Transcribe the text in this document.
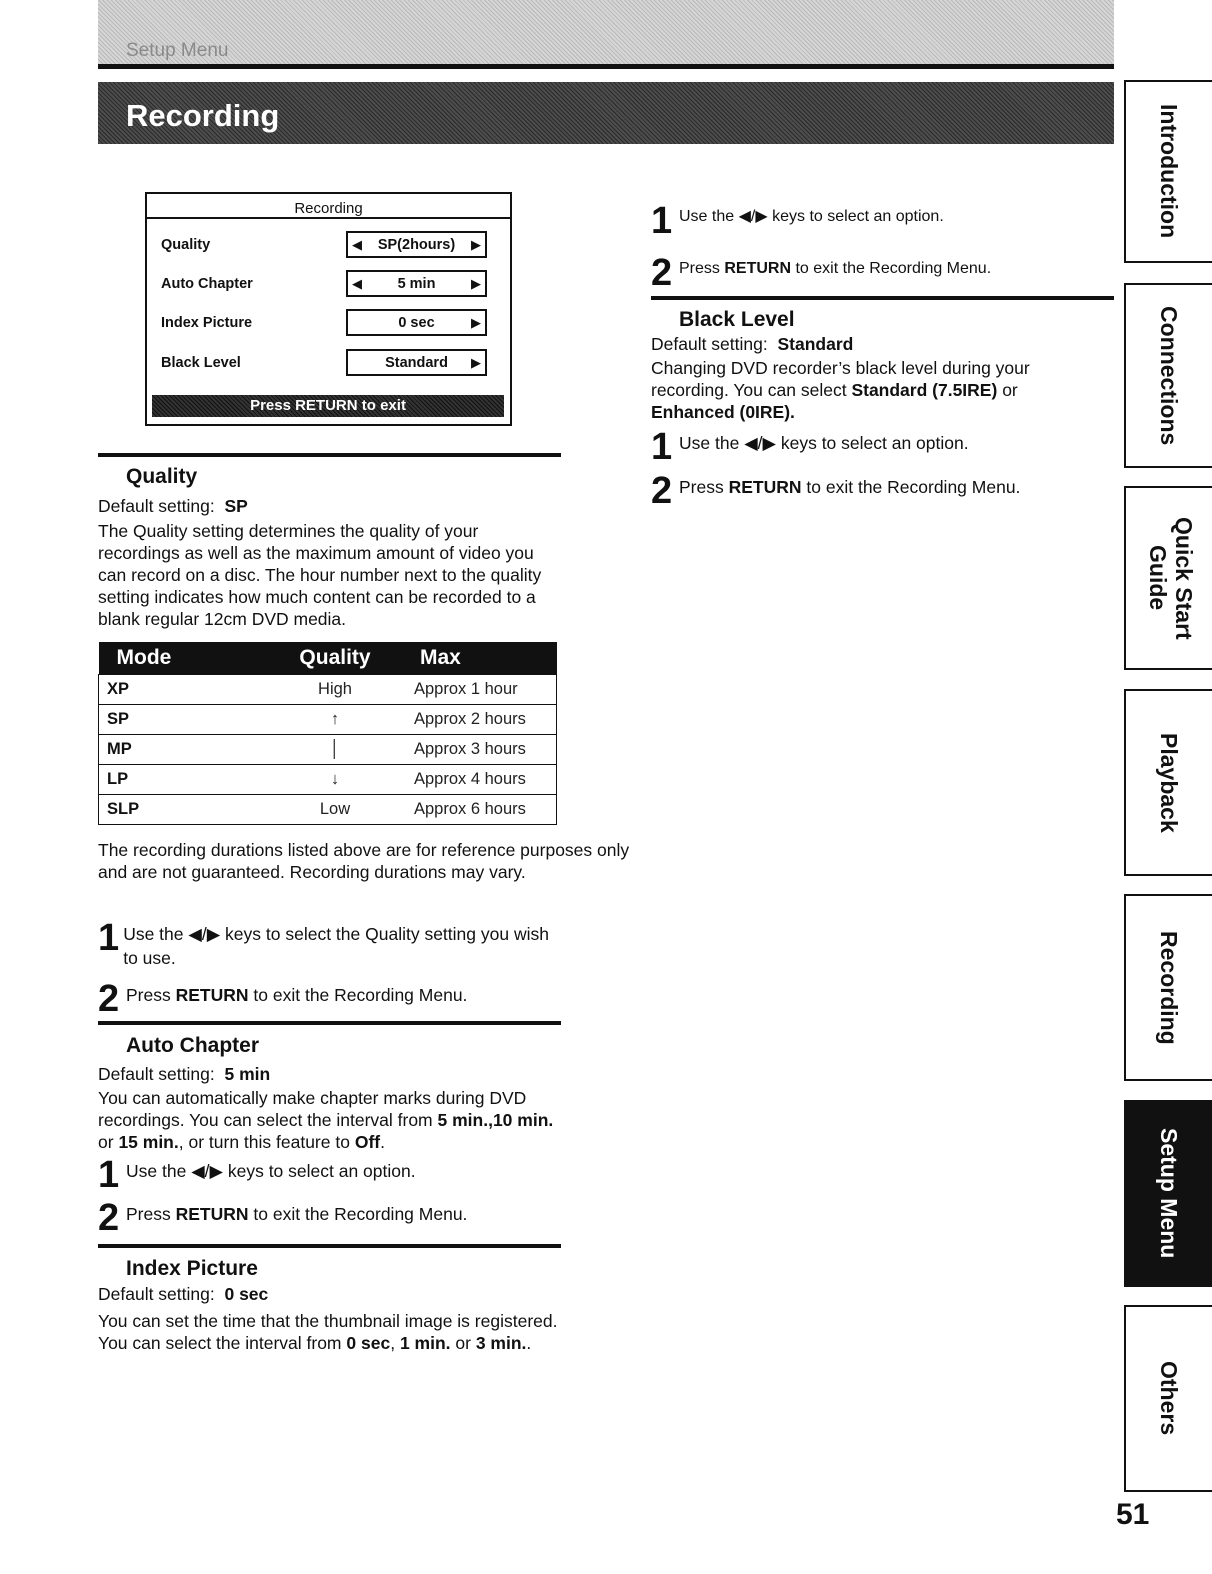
Setup Menu
Recording
Recording
Quality	◀	SP(2hours)	▶
Auto Chapter	◀	5 min	▶
Index Picture	0 sec	▶
Black Level	Standard	▶
Press RETURN to exit
Quality
Default setting: SP
The Quality setting determines the quality of your recordings as well as the maximum amount of video you can record on a disc. The hour number next to the quality setting indicates how much content can be recorded to a blank regular 12cm DVD media.
Mode	Quality	Max
XP	High	Approx 1 hour
SP	↑	Approx 2 hours
MP	│	Approx 3 hours
LP	↓	Approx 4 hours
SLP	Low	Approx 6 hours
The recording durations listed above are for reference purposes only and are not guaranteed. Recording durations may vary.
1 Use the ◀/▶ keys to select the Quality setting you wish to use.
2 Press RETURN to exit the Recording Menu.
Auto Chapter
Default setting: 5 min
You can automatically make chapter marks during DVD recordings. You can select the interval from 5 min.,10 min. or 15 min., or turn this feature to Off.
1 Use the ◀/▶ keys to select an option.
2 Press RETURN to exit the Recording Menu.
Index Picture
Default setting: 0 sec
You can set the time that the thumbnail image is registered. You can select the interval from 0 sec, 1 min. or 3 min..
1 Use the ◀/▶ keys to select an option.
2 Press RETURN to exit the Recording Menu.
Black Level
Default setting: Standard
Changing DVD recorder’s black level during your recording. You can select Standard (7.5IRE) or Enhanced (0IRE).
1 Use the ◀/▶ keys to select an option.
2 Press RETURN to exit the Recording Menu.
Introduction
Connections
Quick Start Guide
Playback
Recording
Setup Menu
Others
51
